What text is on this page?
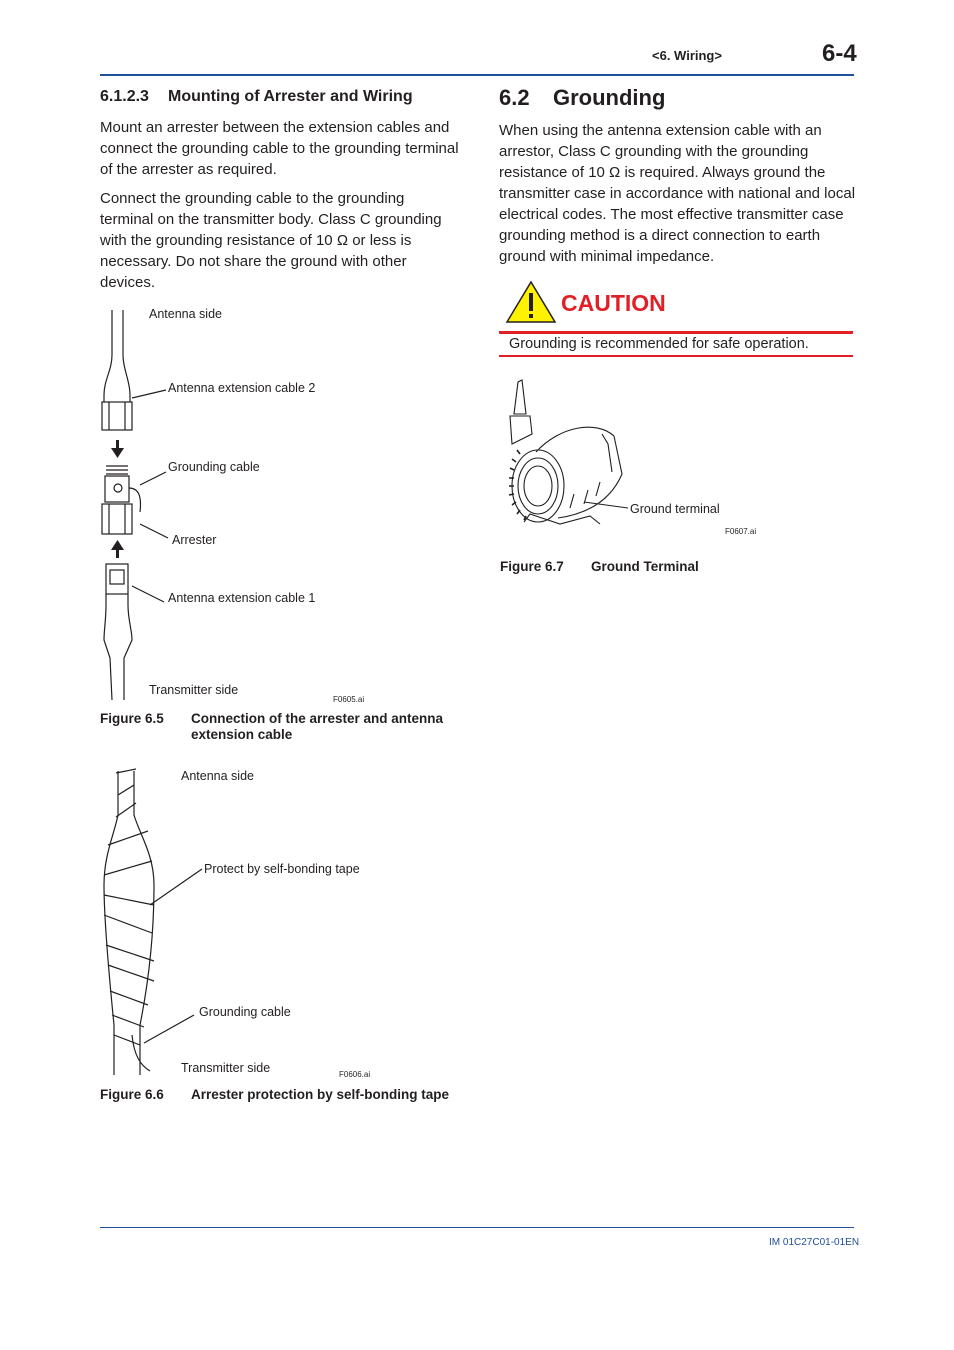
<6. Wiring>	6-4
6.1.2.3 Mounting of Arrester and Wiring
Mount an arrester between the extension cables and connect the grounding cable to the grounding terminal of the arrester as required.
Connect the grounding cable to the grounding terminal on the transmitter body. Class C grounding with the grounding resistance of 10 Ω or less is necessary. Do not share the ground with other devices.
Antenna side
Antenna extension cable 2
Grounding cable
Arrester
Antenna extension cable 1
Transmitter side
F0605.ai
Figure 6.5 Connection of the arrester and antenna extension cable
Antenna side
Protect by self-bonding tape
Grounding cable
Transmitter side	F0606.ai
Figure 6.6 Arrester protection by self-bonding tape
6.2 Grounding
When using the antenna extension cable with an arrestor, Class C grounding with the grounding resistance of 10 Ω is required. Always ground the transmitter case in accordance with national and local electrical codes. The most effective transmitter case grounding method is a direct connection to earth ground with minimal impedance.
CAUTION
Grounding is recommended for safe operation.
Ground terminal
F0607.ai
Figure 6.7 Ground Terminal
IM 01C27C01-01EN
